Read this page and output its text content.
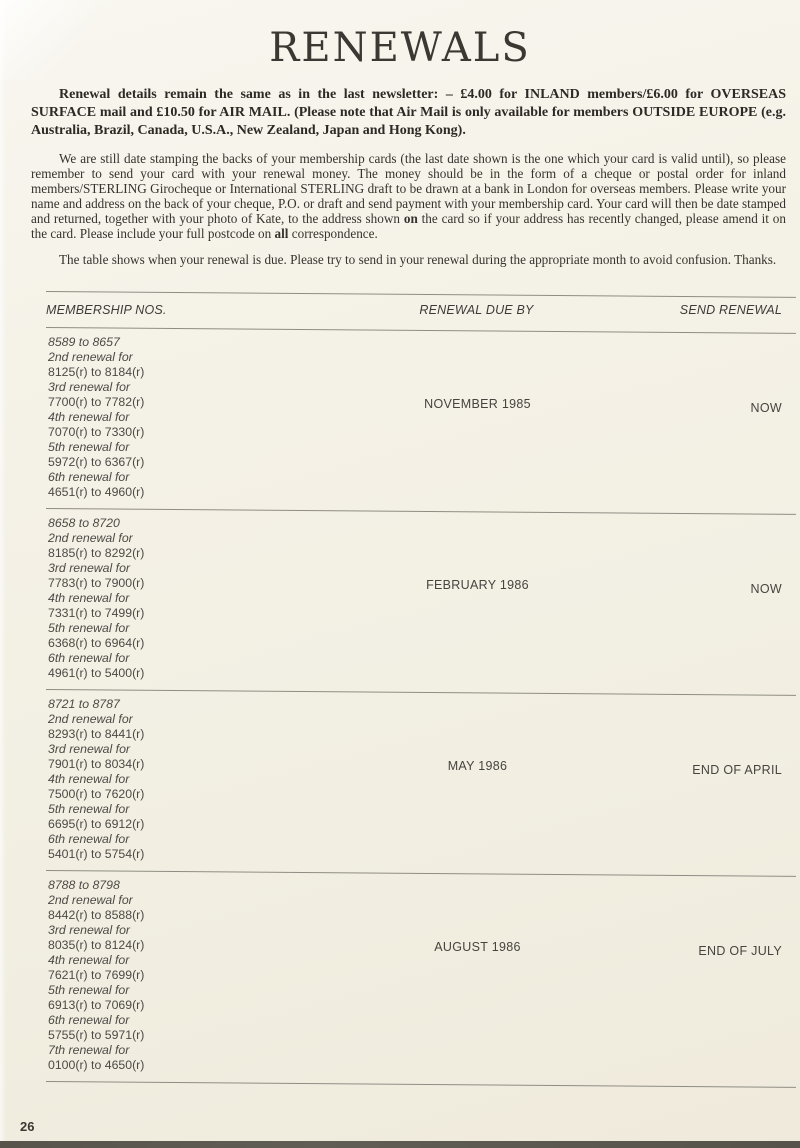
RENEWALS

Renewal details remain the same as in the last newsletter: – £4.00 for INLAND members/£6.00 for OVERSEAS SURFACE mail and £10.50 for AIR MAIL. (Please note that Air Mail is only available for members OUTSIDE EUROPE (e.g. Australia, Brazil, Canada, U.S.A., New Zealand, Japan and Hong Kong).

We are still date stamping the backs of your membership cards (the last date shown is the one which your card is valid until), so please remember to send your card with your renewal money. The money should be in the form of a cheque or postal order for inland members/STERLING Girocheque or International STERLING draft to be drawn at a bank in London for overseas members. Please write your name and address on the back of your cheque, P.O. or draft and send payment with your membership card. Your card will then be date stamped and returned, together with your photo of Kate, to the address shown on the card so if your address has recently changed, please amend it on the card. Please include your full postcode on all correspondence.

The table shows when your renewal is due. Please try to send in your renewal during the appropriate month to avoid confusion. Thanks.

MEMBERSHIP NOS.	RENEWAL DUE BY	SEND RENEWAL
8589 to 8657
2nd renewal for
8125(r) to 8184(r)
3rd renewal for
7700(r) to 7782(r)
4th renewal for
7070(r) to 7330(r)
5th renewal for
5972(r) to 6367(r)
6th renewal for
4651(r) to 4960(r)
NOVEMBER 1985	NOW
8658 to 8720
2nd renewal for
8185(r) to 8292(r)
3rd renewal for
7783(r) to 7900(r)
4th renewal for
7331(r) to 7499(r)
5th renewal for
6368(r) to 6964(r)
6th renewal for
4961(r) to 5400(r)
FEBRUARY 1986	NOW
8721 to 8787
2nd renewal for
8293(r) to 8441(r)
3rd renewal for
7901(r) to 8034(r)
4th renewal for
7500(r) to 7620(r)
5th renewal for
6695(r) to 6912(r)
6th renewal for
5401(r) to 5754(r)
MAY 1986	END OF APRIL
8788 to 8798
2nd renewal for
8442(r) to 8588(r)
3rd renewal for
8035(r) to 8124(r)
4th renewal for
7621(r) to 7699(r)
5th renewal for
6913(r) to 7069(r)
6th renewal for
5755(r) to 5971(r)
7th renewal for
0100(r) to 4650(r)
AUGUST 1986	END OF JULY
26
